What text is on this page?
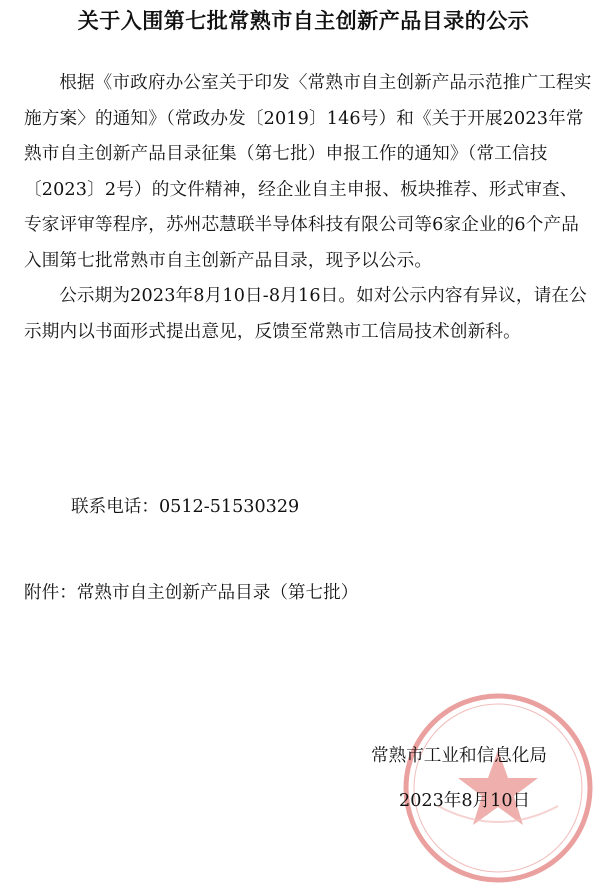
关于入围第七批常熟市自主创新产品目录的公示

根据《市政府办公室关于印发〈常熟市自主创新产品示范推广工程实施方案〉的通知》（常政办发〔2019〕146号）和《关于开展2023年常熟市自主创新产品目录征集（第七批）申报工作的通知》（常工信技〔2023〕2号）的文件精神，经企业自主申报、板块推荐、形式审查、专家评审等程序，苏州芯慧联半导体科技有限公司等6家企业的6个产品入围第七批常熟市自主创新产品目录，现予以公示。

公示期为2023年8月10日-8月16日。如对公示内容有异议，请在公示期内以书面形式提出意见，反馈至常熟市工信局技术创新科。

联系电话：0512-51530329
附件：常熟市自主创新产品目录（第七批）
常熟市工业和信息化局
2023年8月10日
